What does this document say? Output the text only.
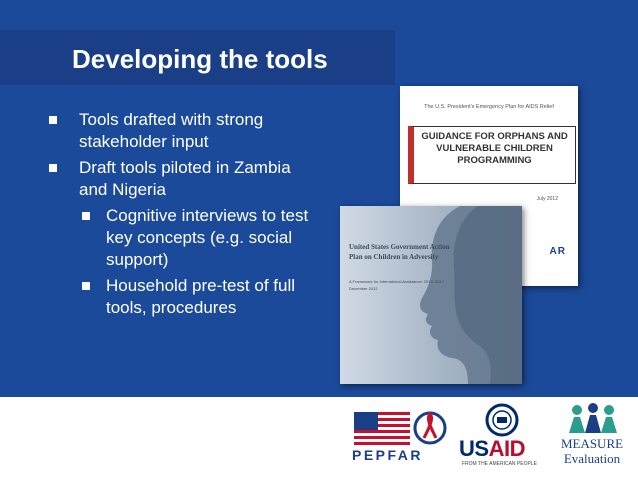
Developing the tools
Tools drafted with strong stakeholder input
Draft tools piloted in Zambia and Nigeria
Cognitive interviews to test key concepts (e.g. social support)
Household pre-test of full tools, procedures
The U.S. President's Emergency Plan for AIDS Relief
GUIDANCE FOR ORPHANS AND VULNERABLE CHILDREN PROGRAMMING
July 2012
AR
United States Government Action Plan on Children in Adversity
A Framework for International Assistance: 2012–2017
December 2012
PEPFAR USAID
FROM THE AMERICAN PEOPLE
MEASURE
Evaluation
